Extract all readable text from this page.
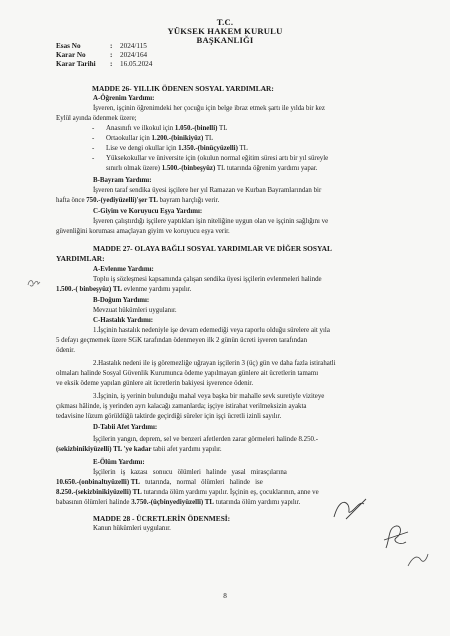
T.C.
YÜKSEK HAKEM KURULU
BAŞKANLIĞI
Esas No	: 2024/115
Karar No	: 2024/164
Karar Tarihi : 16.05.2024
MADDE 26- YILLIK ÖDENEN SOSYAL YARDIMLAR:
A-Öğrenim Yardımı:
İşveren, işçinin öğrenimdeki her çocuğu için belge ibraz etmek şartı ile yılda bir kez
Eylül ayında ödenmek üzere;
- Anasınıfı ve ilkokul için 1.050.-(binelli) TL
- Ortaokullar için 1.200.-(binikiyüz) TL
- Lise ve dengi okullar için 1.350.-(binüçyüzelli) TL
- Yüksekokullar ve üniversite için (okulun normal eğitim süresi artı bir yıl süreyle
sınırlı olmak üzere) 1.500.-(binbeşyüz) TL tutarında öğrenim yardımı yapar.
B-Bayram Yardımı:
İşveren taraf sendika üyesi işçilere her yıl Ramazan ve Kurban Bayramlarından bir
hafta önce 750.-(yediyüzelli)'şer TL bayram harçlığı verir.
C-Giyim ve Koruyucu Eşya Yardımı:
İşveren çalıştırdığı işçilere yaptıkları işin niteliğine uygun olan ve işçinin sağlığını ve
güvenliğini koruması amaçlayan giyim ve koruyucu eşya verir.
MADDE 27- OLAYA BAĞLI SOSYAL YARDIMLAR VE DİĞER SOSYAL
YARDIMLAR:
A-Evlenme Yardımı:
Toplu iş sözleşmesi kapsamında çalışan sendika üyesi işçilerin evlenmeleri halinde
1.500.-( binbeşyüz) TL evlenme yardımı yapılır.
B-Doğum Yardımı:
Mevzuat hükümleri uygulanır.
C-Hastalık Yardımı:
1.İşçinin hastalık nedeniyle işe devam edemediği veya raporlu olduğu sürelere ait yıla
5 defayı geçmemek üzere SGK tarafından ödenmeyen ilk 2 günün ücreti işveren tarafından
ödenir.
2.Hastalık nedeni ile iş göremezliğe uğrayan işçilerin 3 (üç) gün ve daha fazla istirahatli
olmaları halinde Sosyal Güvenlik Kurumunca ödeme yapılmayan günlere ait ücretlerin tamamı
ve eksik ödeme yapılan günlere ait ücretlerin bakiyesi işverence ödenir.
3.İşçinin, iş yerinin bulunduğu mahal veya başka bir mahalle sevk suretiyle viziteye
çıkması hâlinde, iş yerinden ayrı kalacağı zamanlarda; işçiye istirahat verilmeksizin ayakta
tedavisine lüzum görüldüğü taktirde geçirdiği süreler için işçi ücretli izinli sayılır.
D-Tabii Afet Yardımı:
İşçilerin yangın, deprem, sel ve benzeri afetlerden zarar görmeleri halinde 8.250.-
(sekizbinikiyüzelli) TL 'ye kadar tabii afet yardımı yapılır.
E-Ölüm Yardımı:
İşçilerin   iş   kazası   sonucu   ölümleri   halinde   yasal   mirasçılarına
10.650.-(onbinaltıyüzelli) TL   tutarında,   normal   ölümleri   halinde   ise
8.250.-(sekizbinikiyüzelli) TL tutarında ölüm yardımı yapılır. İşçinin eş, çocuklarının, anne ve
babasının ölümleri halinde 3.750.-(üçbinyediyüzelli) TL tutarında ölüm yardımı yapılır.
MADDE 28 - ÜCRETLERİN ÖDENMESİ:
Kanun hükümleri uygulanır.
8
